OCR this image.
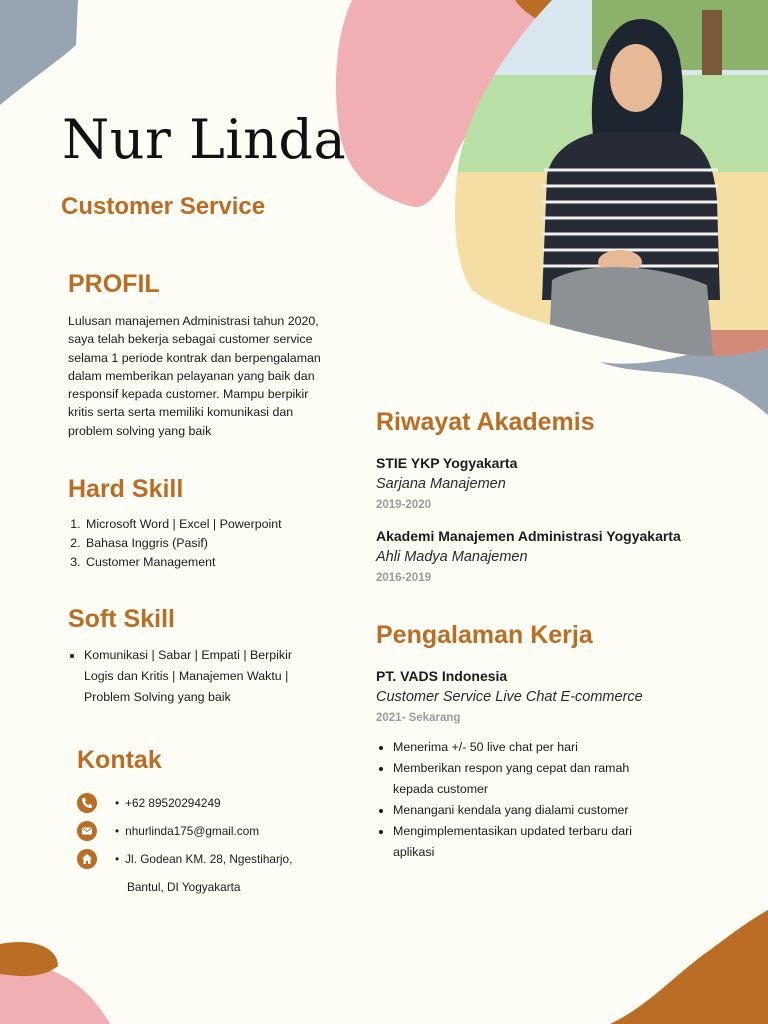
Nur Linda
Customer Service
PROFIL

Lulusan manajemen Administrasi tahun 2020, saya telah bekerja sebagai customer service selama 1 periode kontrak dan berpengalaman dalam memberikan pelayanan yang baik dan responsif kepada customer. Mampu berpikir kritis serta serta memiliki komunikasi dan problem solving yang baik

Hard Skill
1. Microsoft Word | Excel | Powerpoint
2. Bahasa Inggris (Pasif)
3. Customer Management
Soft Skill
• Komunikasi | Sabar | Empati | Berpikir Logis dan Kritis | Manajemen Waktu | Problem Solving yang baik
Kontak
• +62 89520294249
• nhurlinda175@gmail.com
• Jl. Godean KM. 28, Ngestiharjo,
Bantul, DI Yogyakarta
Riwayat Akademis

STIE YKP Yogyakarta

Sarjana Manajemen

2019-2020

Akademi Manajemen Administrasi Yogyakarta

Ahli Madya Manajemen

2016-2019

Pengalaman Kerja

PT. VADS Indonesia

Customer Service Live Chat E-commerce

2021- Sekarang

• Menerima +/- 50 live chat per hari
• Memberikan respon yang cepat dan ramah kepada customer
• Menangani kendala yang dialami customer
• Mengimplementasikan updated terbaru dari aplikasi
